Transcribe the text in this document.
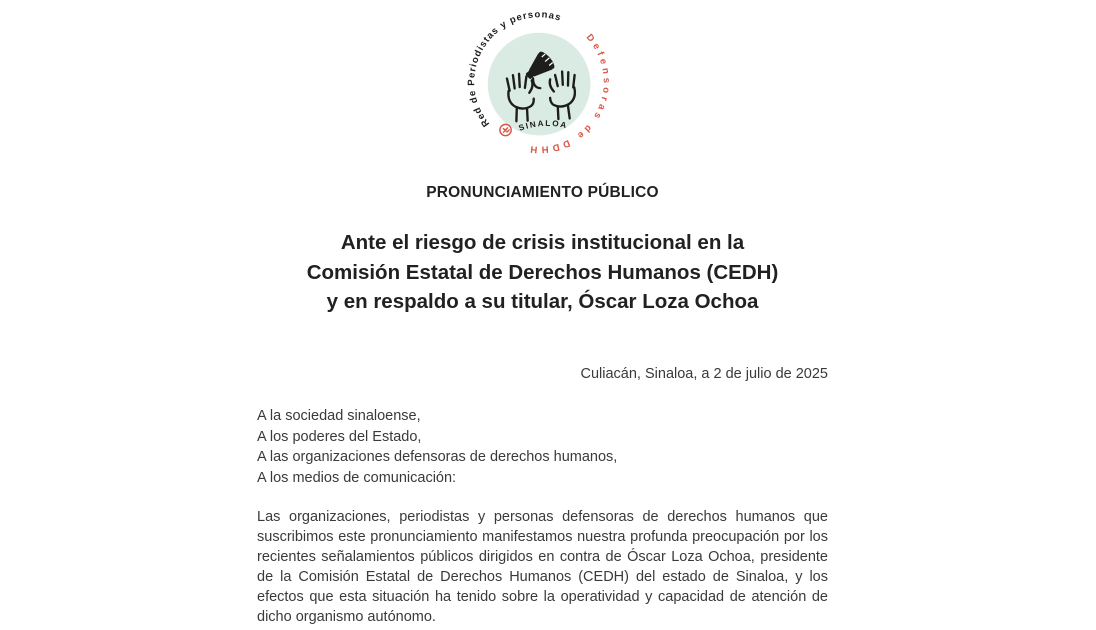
SINALOA
Red de Periodistas y personas
Defensoras de DDHH
PRONUNCIAMIENTO PÚBLICO
Ante el riesgo de crisis institucional en la
Comisión Estatal de Derechos Humanos (CEDH)
y en respaldo a su titular, Óscar Loza Ochoa
Culiacán, Sinaloa, a 2 de julio de 2025
A la sociedad sinaloense,
A los poderes del Estado,
A las organizaciones defensoras de derechos humanos,
A los medios de comunicación:

Las organizaciones, periodistas y personas defensoras de derechos humanos que suscribimos este pronunciamiento manifestamos nuestra profunda preocupación por los recientes señalamientos públicos dirigidos en contra de Óscar Loza Ochoa, presidente de la Comisión Estatal de Derechos Humanos (CEDH) del estado de Sinaloa, y los efectos que esta situación ha tenido sobre la operatividad y capacidad de atención de dicho organismo autónomo.
